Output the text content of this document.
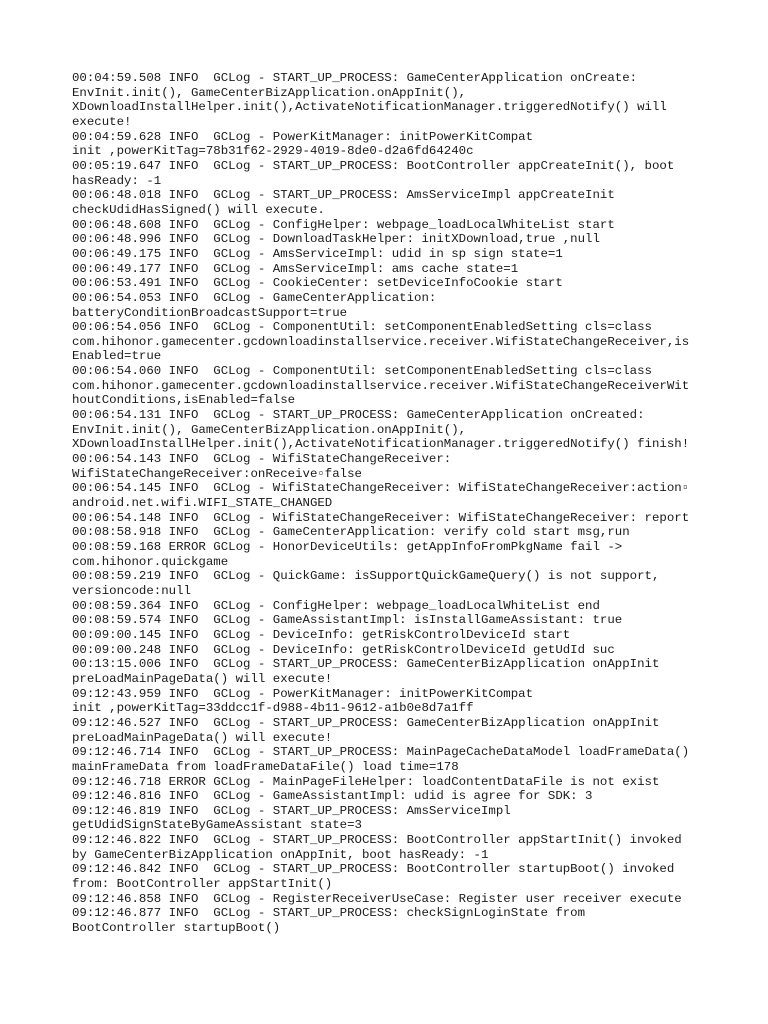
00:04:59.508 INFO  GCLog - START_UP_PROCESS: GameCenterApplication onCreate:
EnvInit.init(), GameCenterBizApplication.onAppInit(),
XDownloadInstallHelper.init(),ActivateNotificationManager.triggeredNotify() will
execute!
00:04:59.628 INFO  GCLog - PowerKitManager: initPowerKitCompat
init ,powerKitTag=78b31f62-2929-4019-8de0-d2a6fd64240c
00:05:19.647 INFO  GCLog - START_UP_PROCESS: BootController appCreateInit(), boot
hasReady: -1
00:06:48.018 INFO  GCLog - START_UP_PROCESS: AmsServiceImpl appCreateInit
checkUdidHasSigned() will execute.
00:06:48.608 INFO  GCLog - ConfigHelper: webpage_loadLocalWhiteList start
00:06:48.996 INFO  GCLog - DownloadTaskHelper: initXDownload,true ,null
00:06:49.175 INFO  GCLog - AmsServiceImpl: udid in sp sign state=1
00:06:49.177 INFO  GCLog - AmsServiceImpl: ams cache state=1
00:06:53.491 INFO  GCLog - CookieCenter: setDeviceInfoCookie start
00:06:54.053 INFO  GCLog - GameCenterApplication:
batteryConditionBroadcastSupport=true
00:06:54.056 INFO  GCLog - ComponentUtil: setComponentEnabledSetting cls=class
com.hihonor.gamecenter.gcdownloadinstallservice.receiver.WifiStateChangeReceiver,is
Enabled=true
00:06:54.060 INFO  GCLog - ComponentUtil: setComponentEnabledSetting cls=class
com.hihonor.gamecenter.gcdownloadinstallservice.receiver.WifiStateChangeReceiverWit
houtConditions,isEnabled=false
00:06:54.131 INFO  GCLog - START_UP_PROCESS: GameCenterApplication onCreated:
EnvInit.init(), GameCenterBizApplication.onAppInit(),
XDownloadInstallHelper.init(),ActivateNotificationManager.triggeredNotify() finish!
00:06:54.143 INFO  GCLog - WifiStateChangeReceiver:
WifiStateChangeReceiver:onReceive▫false
00:06:54.145 INFO  GCLog - WifiStateChangeReceiver: WifiStateChangeReceiver:action▫
android.net.wifi.WIFI_STATE_CHANGED
00:06:54.148 INFO  GCLog - WifiStateChangeReceiver: WifiStateChangeReceiver: report
00:08:58.918 INFO  GCLog - GameCenterApplication: verify cold start msg,run
00:08:59.168 ERROR GCLog - HonorDeviceUtils: getAppInfoFromPkgName fail ->
com.hihonor.quickgame
00:08:59.219 INFO  GCLog - QuickGame: isSupportQuickGameQuery() is not support,
versioncode:null
00:08:59.364 INFO  GCLog - ConfigHelper: webpage_loadLocalWhiteList end
00:08:59.574 INFO  GCLog - GameAssistantImpl: isInstallGameAssistant: true
00:09:00.145 INFO  GCLog - DeviceInfo: getRiskControlDeviceId start
00:09:00.248 INFO  GCLog - DeviceInfo: getRiskControlDeviceId getUdId suc
00:13:15.006 INFO  GCLog - START_UP_PROCESS: GameCenterBizApplication onAppInit
preLoadMainPageData() will execute!
09:12:43.959 INFO  GCLog - PowerKitManager: initPowerKitCompat
init ,powerKitTag=33ddcc1f-d988-4b11-9612-a1b0e8d7a1ff
09:12:46.527 INFO  GCLog - START_UP_PROCESS: GameCenterBizApplication onAppInit
preLoadMainPageData() will execute!
09:12:46.714 INFO  GCLog - START_UP_PROCESS: MainPageCacheDataModel loadFrameData()
mainFrameData from loadFrameDataFile() load time=178
09:12:46.718 ERROR GCLog - MainPageFileHelper: loadContentDataFile is not exist
09:12:46.816 INFO  GCLog - GameAssistantImpl: udid is agree for SDK: 3
09:12:46.819 INFO  GCLog - START_UP_PROCESS: AmsServiceImpl
getUdidSignStateByGameAssistant state=3
09:12:46.822 INFO  GCLog - START_UP_PROCESS: BootController appStartInit() invoked
by GameCenterBizApplication onAppInit, boot hasReady: -1
09:12:46.842 INFO  GCLog - START_UP_PROCESS: BootController startupBoot() invoked
from: BootController appStartInit()
09:12:46.858 INFO  GCLog - RegisterReceiverUseCase: Register user receiver execute
09:12:46.877 INFO  GCLog - START_UP_PROCESS: checkSignLoginState from
BootController startupBoot()
